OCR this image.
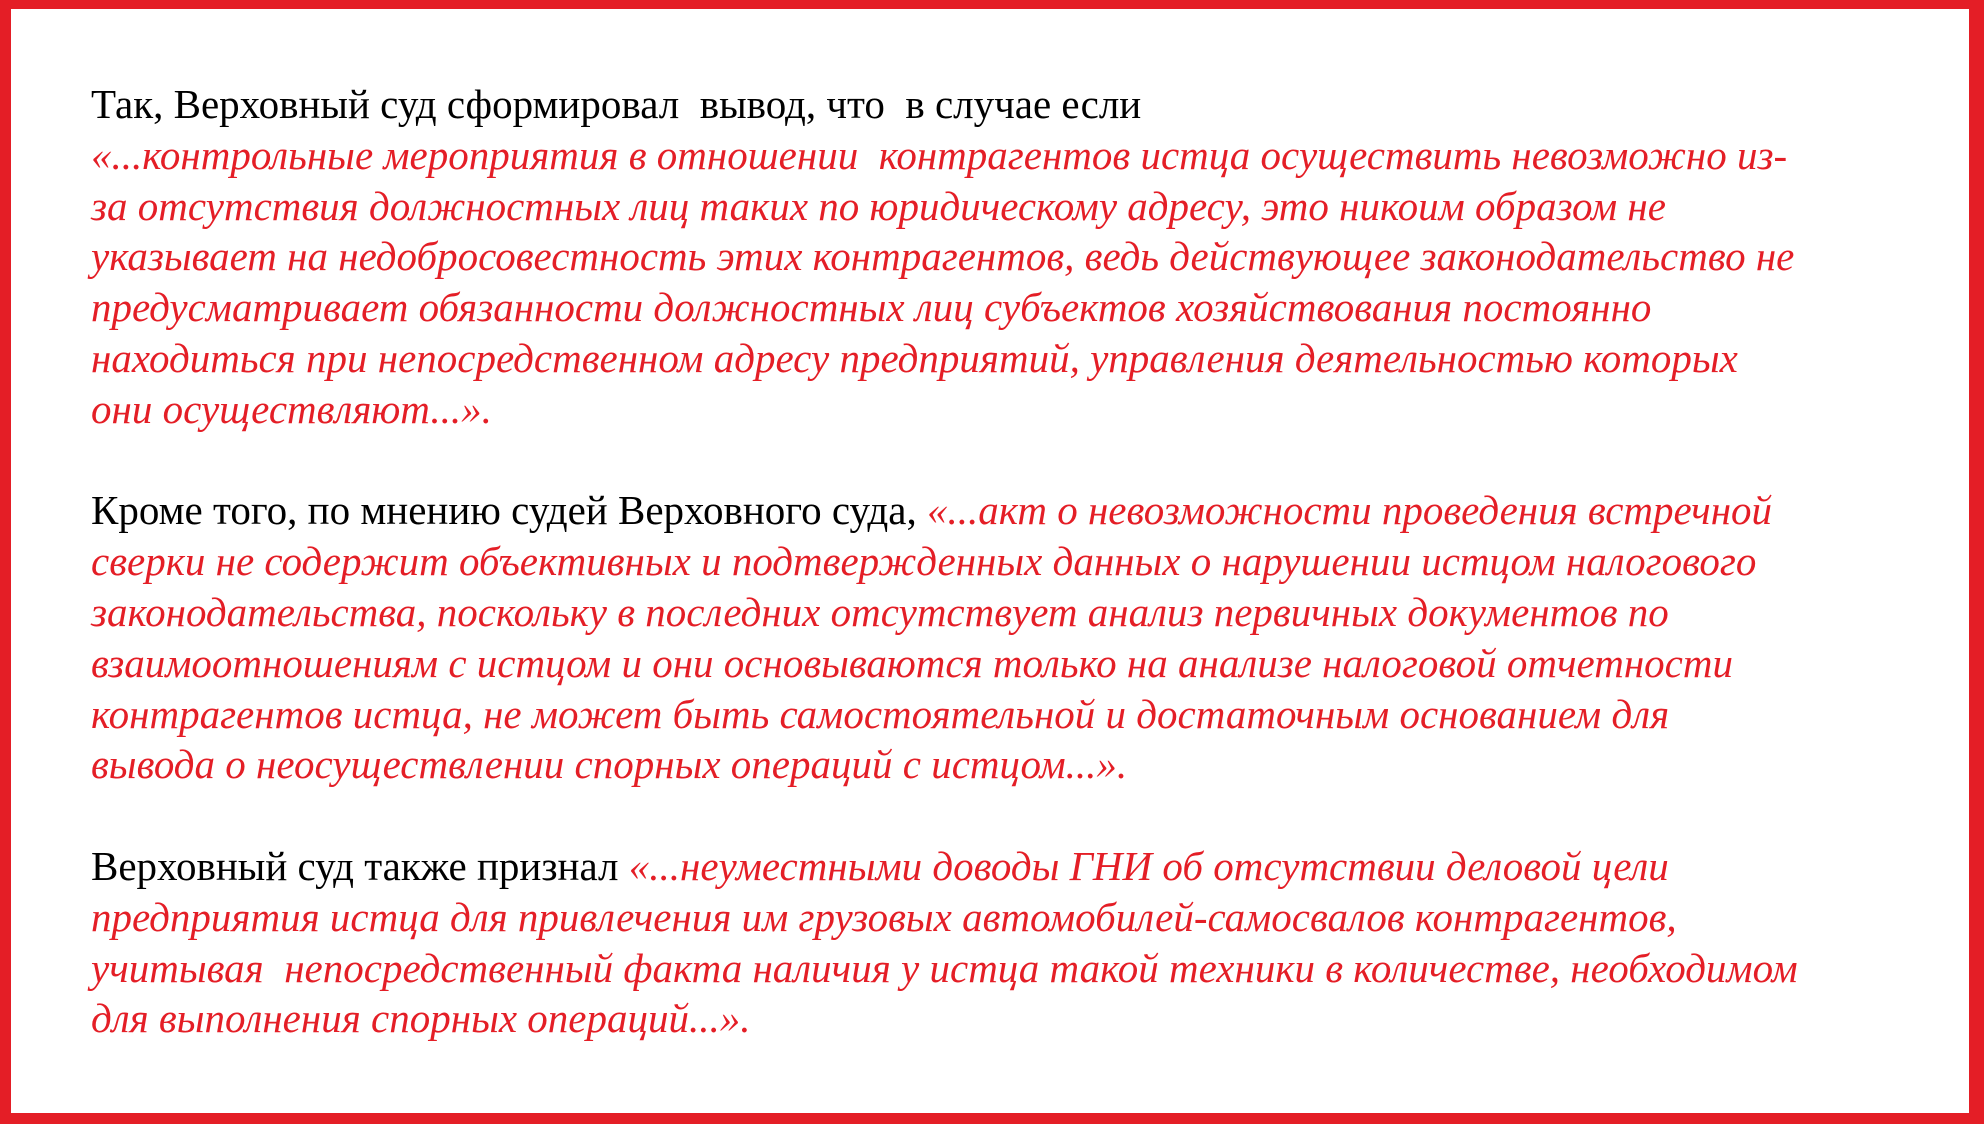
Так, Верховный суд сформировал  вывод, что  в случае если
«...контрольные мероприятия в отношении  контрагентов истца осуществить невозможно из-
за отсутствия должностных лиц таких по юридическому адресу, это никоим образом не
указывает на недобросовестность этих контрагентов, ведь действующее законодательство не
предусматривает обязанности должностных лиц субъектов хозяйствования постоянно
находиться при непосредственном адресу предприятий, управления деятельностью которых
они осуществляют...».

Кроме того, по мнению судей Верховного суда, «...акт о невозможности проведения встречной
сверки не содержит объективных и подтвержденных данных о нарушении истцом налогового
законодательства, поскольку в последних отсутствует анализ первичных документов по
взаимоотношениям с истцом и они основываются только на анализе налоговой отчетности
контрагентов истца, не может быть самостоятельной и достаточным основанием для
вывода о неосуществлении спорных операций с истцом...».

Верховный суд также признал «...неуместными доводы ГНИ об отсутствии деловой цели
предприятия истца для привлечения им грузовых автомобилей-самосвалов контрагентов,
учитывая  непосредственный факта наличия у истца такой техники в количестве, необходимом
для выполнения спорных операций...».
